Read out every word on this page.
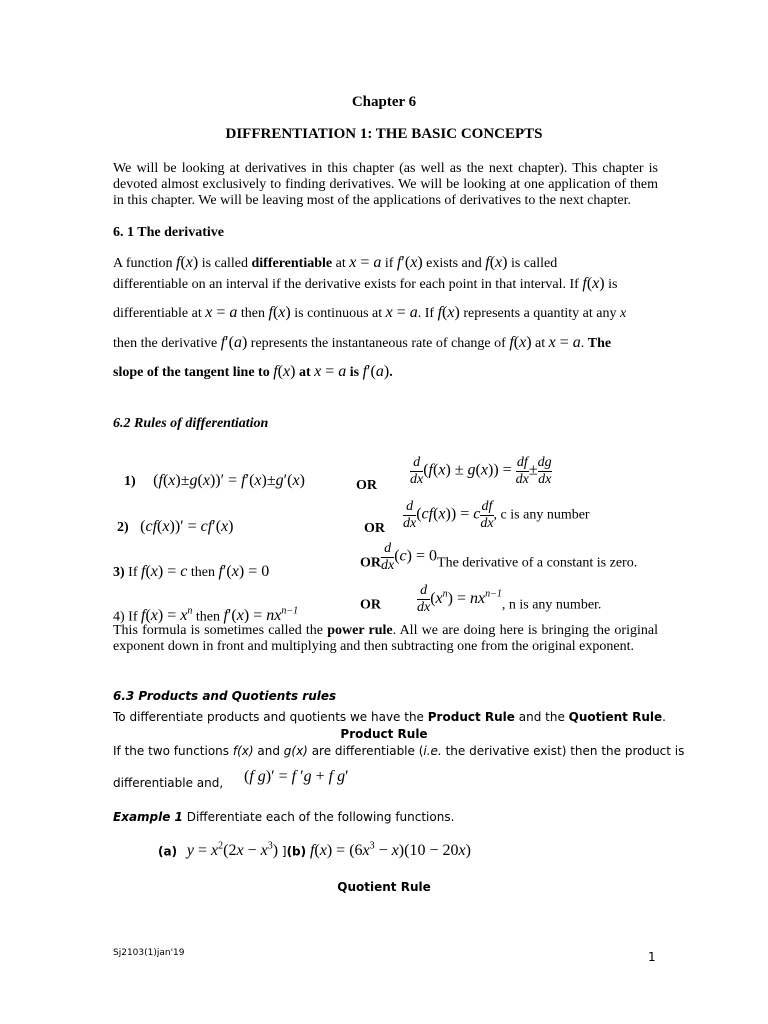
Chapter 6
DIFFRENTIATION 1: THE BASIC CONCEPTS
We will be looking at derivatives in this chapter (as well as the next chapter). This chapter is devoted almost exclusively to finding derivatives. We will be looking at one application of them in this chapter. We will be leaving most of the applications of derivatives to the next chapter.
6. 1 The derivative
A function f(x) is called differentiable at x = a if f′(x) exists and f(x) is called
differentiable on an interval if the derivative exists for each point in that interval. If f(x) is
differentiable at x = a then f(x) is continuous at x = a. If f(x) represents a quantity at any x
then the derivative f′(a) represents the instantaneous rate of change of f(x) at x = a. The
slope of the tangent line to f(x) at x = a is f′(a).
6.2 Rules of differentiation
1) (f(x)±g(x))′ = f′(x)±g′(x)	OR $\frac{d}{dx} (f(x) \pm g(x)) = \frac{df}{dx} \pm \frac{dg}{dx}$
2) (cf(x))′ = cf′(x)	OR $\frac{d}{dx} (cf(x)) = c \frac{df}{dx}$ , c is any number
3) If f(x) = c then f′(x) = 0	OR $\frac{d}{dx} (c) = 0The$ derivative of a constant is zero.
4) If $f(x) = x^n$ then $f'(x) = nx^{n-1}$	OR	$\frac{d}{dx} (x^n) = nx^{n-1}$, n is any number.
This formula is sometimes called the power rule. All we are doing here is bringing the original exponent down in front and multiplying and then subtracting one from the original exponent.
6.3 Products and Quotients rules
To differentiate products and quotients we have the Product Rule and the Quotient Rule.
Product Rule
If the two functions f(x) and g(x) are differentiable (i.e. the derivative exist) then the product is
differentiable and, (f g)′ = f ′g + f g′
Example 1 Differentiate each of the following functions.
(a) $y = x^2(2x - x^3)$ ](b) $f(x) = (6x^3 - x)(10 - 20x)$
Quotient Rule
Sj2103(1)jan'19	1
